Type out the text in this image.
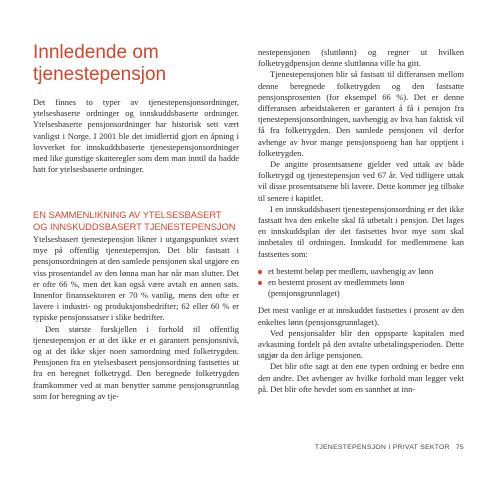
Innledende om
tjenestepensjon

Det finnes to typer av tjenestepensjonsordninger, ytelsesbaserte ordninger og innskuddsbaserte ordninger. Ytelsesbaserte pensjonsordninger har historisk sett vært vanligst i Norge. I 2001 ble det imidlertid gjort en åpning i lovverket for innskuddsbaserte tjenestepensjonsordninger med like gunstige skatteregler som dem man inntil da hadde hatt for ytelsesbaserte ordninger.

EN SAMMENLIKNING AV YTELSESBASERT
OG INNSKUDDSBASERT TJENESTEPENSJON

Ytelsesbasert tjenestepensjon likner i utgangspunktet svært mye på offentlig tjenestepensjon. Det blir fastsatt i pensjonsordningen at den samlede pensjonen skal utgjøre en viss prosentandel av den lønna man har når man slutter. Det er ofte 66 %, men det kan også være avtalt en annen sats. Innenfor finanssektoren er 70 % vanlig, mens den ofte er lavere i industri- og produksjonsbedrifter; 62 eller 60 % er typiske pensjonssatser i slike bedrifter.

Den største forskjellen i forhold til offentlig tjenestepensjon er at det ikke er et garantert pensjonsnivå, og at det ikke skjer noen samordning med folketrygden. Pensjonen fra en ytelsesbasert pensjonsordning fastsettes ut fra en beregnet folketrygd. Den beregnede folketrygden framkommer ved at man benytter samme pensjonsgrunnlag som for beregning av tje-

nestepensjonen (sluttlønn) og regner ut hvilken folketrygdpensjon denne sluttlønna ville ha gitt.

Tjenestepensjonen blir så fastsatt til differansen mellom denne beregnede folketrygden og den fastsatte pensjonsprosenten (for eksempel 66 %). Det er denne differansen arbeidstakeren er garantert å få i pensjon fra tjenestepensjonsordningen, uavhengig av hva han faktisk vil få fra folketrygden. Den samlede pensjonen vil derfor avhenge av hvor mange pensjonspoeng han har opptjent i folketrygden.

De angitte prosentsatsene gjelder ved uttak av både folketrygd og tjenestepensjon ved 67 år. Ved tidligere uttak vil disse prosentsatsene bli lavere. Dette kommer jeg tilbake til senere i kapitlet.

I en innskuddsbasert tjenestepensjonsordning er det ikke fastsatt hva den enkelte skal få utbetalt i pensjon. Det lages en innskuddsplan der det fastsettes hvor mye som skal innbetales til ordningen. Innskudd for medlemmene kan fastsettes som:

et bestemt beløp per medlem, uavhengig av lønn
en bestemt prosent av medlemmets lønn (pensjonsgrunnlaget)

Det mest vanlige er at innskuddet fastsettes i prosent av den enkeltes lønn (pensjonsgrunnlaget).

Ved pensjonsalder blir den oppsparte kapitalen med avkastning fordelt på den avtalte utbetalingsperioden. Dette utgjør da den årlige pensjonen.

Det blir ofte sagt at den ene typen ordning er bedre enn den andre. Det avhenger av hvilke forhold man legger vekt på. Det blir ofte hevdet som en sannhet at inn-

TJENESTEPENSJON I PRIVAT SEKTOR 75
